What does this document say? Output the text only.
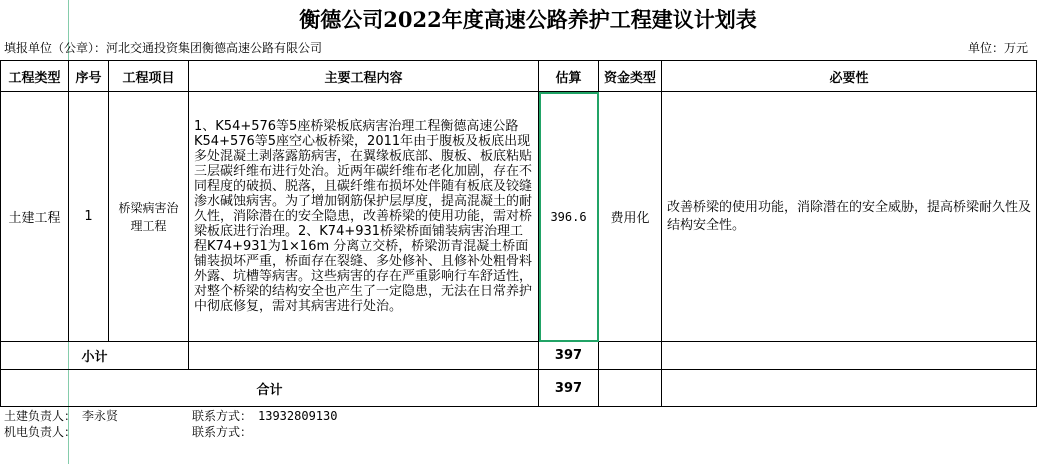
衡德公司2022年度高速公路养护工程建议计划表
填报单位（公章）：河北交通投资集团衡德高速公路有限公司	单位：万元
工程类型	序号	工程项目	主要工程内容	估算	资金类型	必要性
土建工程	1	桥梁病害治理工程	1、K54+576等5座桥梁板底病害治理工程衡德高速公路K54+576等5座空心板桥梁，2011年由于腹板及板底出现多处混凝土剥落露筋病害，在翼缘板底部、腹板、板底粘贴三层碳纤维布进行处治。近两年碳纤维布老化加剧，存在不同程度的破损、脱落，且碳纤维布损坏处伴随有板底及铰缝渗水碱蚀病害。为了增加钢筋保护层厚度，提高混凝土的耐久性，消除潜在的安全隐患，改善桥梁的使用功能，需对桥梁板底进行治理。2、K74+931桥梁桥面铺装病害治理工程K74+931为1×16m 分离立交桥，桥梁沥青混凝土桥面铺装损坏严重，桥面存在裂缝、多处修补、且修补处粗骨料外露、坑槽等病害。这些病害的存在严重影响行车舒适性，对整个桥梁的结构安全也产生了一定隐患，无法在日常养护中彻底修复，需对其病害进行处治。	396.6	费用化	改善桥梁的使用功能，消除潜在的安全威胁，提高桥梁耐久性及结构安全性。
小计				397		
合计				397		
土建负责人： 李永贤	联系方式： 13932809130
机电负责人：	联系方式：
